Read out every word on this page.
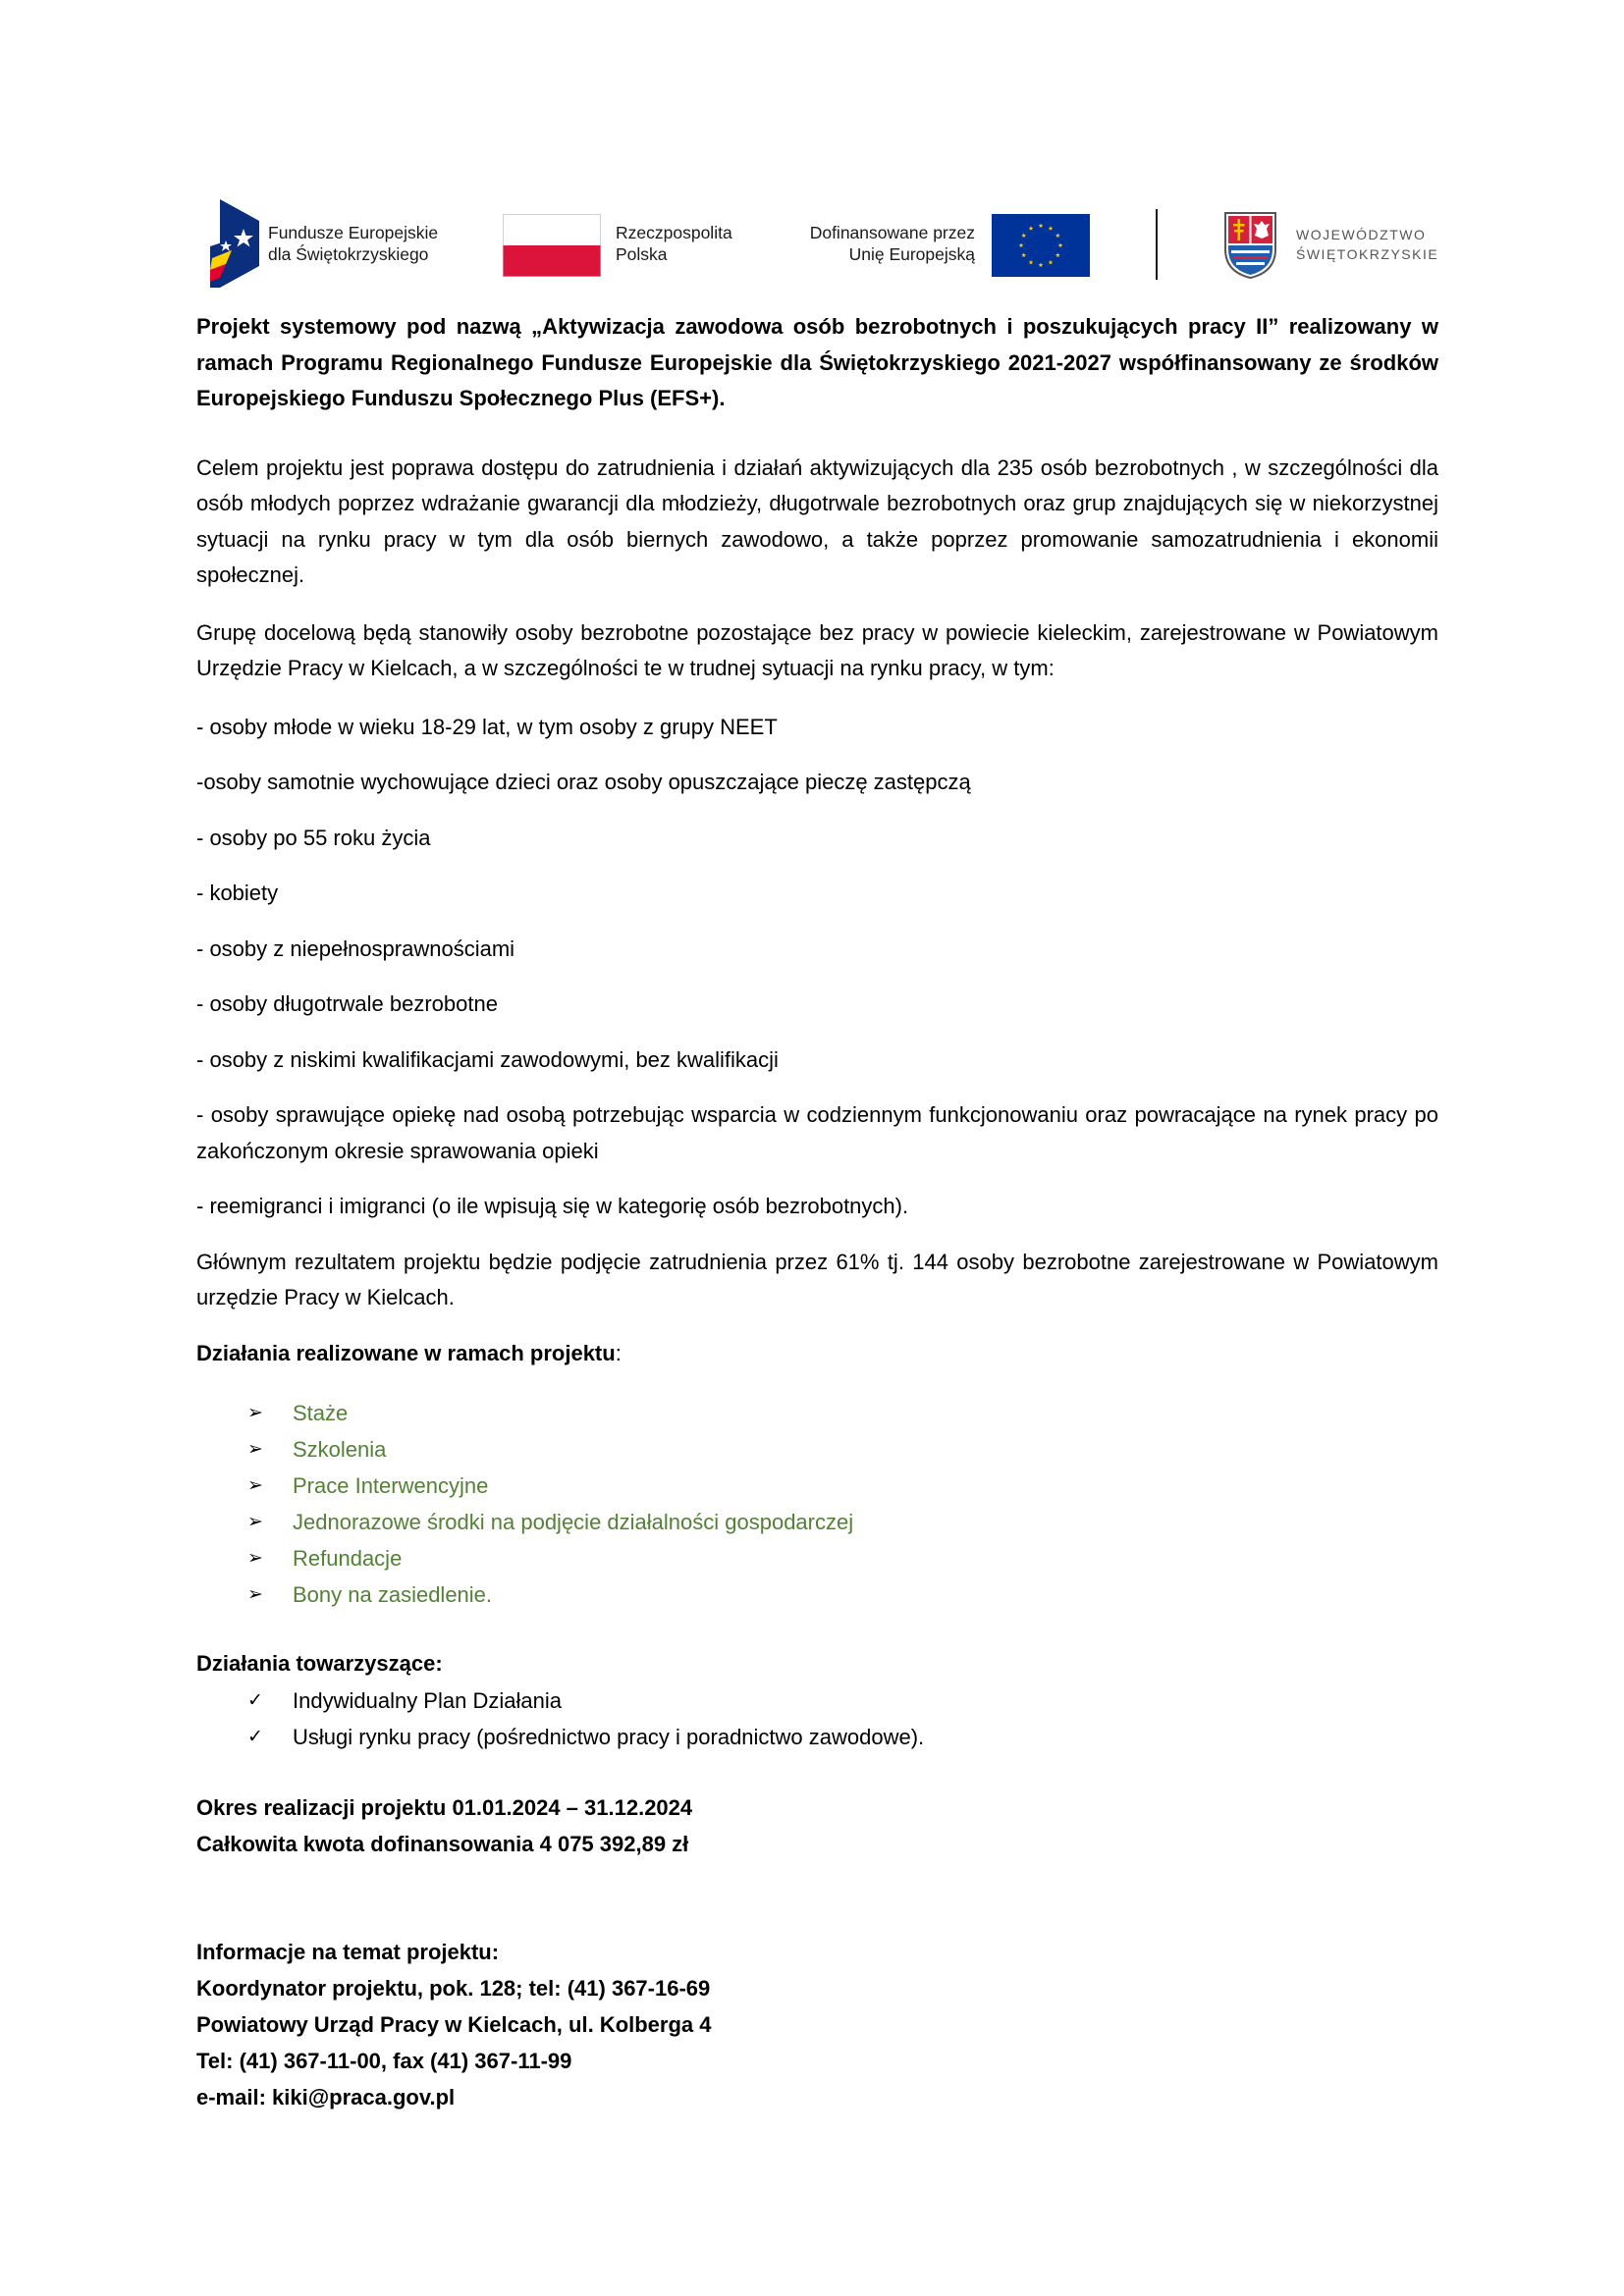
Fundusze Europejskie
dla Świętokrzyskiego
Rzeczpospolita
Polska
Dofinansowane przez
Unię Europejską
WOJEWÓDZTWO
ŚWIĘTOKRZYSKIE

Projekt systemowy pod nazwą „Aktywizacja zawodowa osób bezrobotnych i poszukujących pracy II” realizowany w ramach Programu Regionalnego Fundusze Europejskie dla Świętokrzyskiego 2021-2027 współfinansowany ze środków Europejskiego Funduszu Społecznego Plus (EFS+).

Celem projektu jest poprawa dostępu do zatrudnienia i działań aktywizujących dla 235 osób bezrobotnych , w szczególności dla osób młodych poprzez wdrażanie gwarancji dla młodzieży, długotrwale bezrobotnych oraz grup znajdujących się w niekorzystnej sytuacji na rynku pracy w tym dla osób biernych zawodowo, a także poprzez promowanie samozatrudnienia i ekonomii społecznej.

Grupę docelową będą stanowiły osoby bezrobotne pozostające bez pracy w powiecie kieleckim, zarejestrowane w Powiatowym Urzędzie Pracy w Kielcach, a w szczególności te w trudnej sytuacji na rynku pracy, w tym:

- osoby młode w wieku 18-29 lat, w tym osoby z grupy NEET

-osoby samotnie wychowujące dzieci oraz osoby opuszczające pieczę zastępczą

- osoby po 55 roku życia

- kobiety

- osoby z niepełnosprawnościami

- osoby długotrwale bezrobotne

- osoby z niskimi kwalifikacjami zawodowymi, bez kwalifikacji

- osoby sprawujące opiekę nad osobą potrzebując wsparcia w codziennym funkcjonowaniu oraz powracające na rynek pracy po zakończonym okresie sprawowania opieki

- reemigranci i imigranci (o ile wpisują się w kategorię osób bezrobotnych).

Głównym rezultatem projektu będzie podjęcie zatrudnienia przez 61% tj. 144 osoby bezrobotne zarejestrowane w Powiatowym urzędzie Pracy w Kielcach.

Działania realizowane w ramach projektu:

➢ Staże
➢ Szkolenia
➢ Prace Interwencyjne
➢ Jednorazowe środki na podjęcie działalności gospodarczej
➢ Refundacje
➢ Bony na zasiedlenie.

Działania towarzyszące:

✓ Indywidualny Plan Działania
✓ Usługi rynku pracy (pośrednictwo pracy i poradnictwo zawodowe).

Okres realizacji projektu 01.01.2024 – 31.12.2024
Całkowita kwota dofinansowania 4 075 392,89 zł

Informacje na temat projektu:
Koordynator projektu, pok. 128; tel: (41) 367-16-69
Powiatowy Urząd Pracy w Kielcach, ul. Kolberga 4
Tel: (41) 367-11-00, fax (41) 367-11-99
e-mail: kiki@praca.gov.pl
